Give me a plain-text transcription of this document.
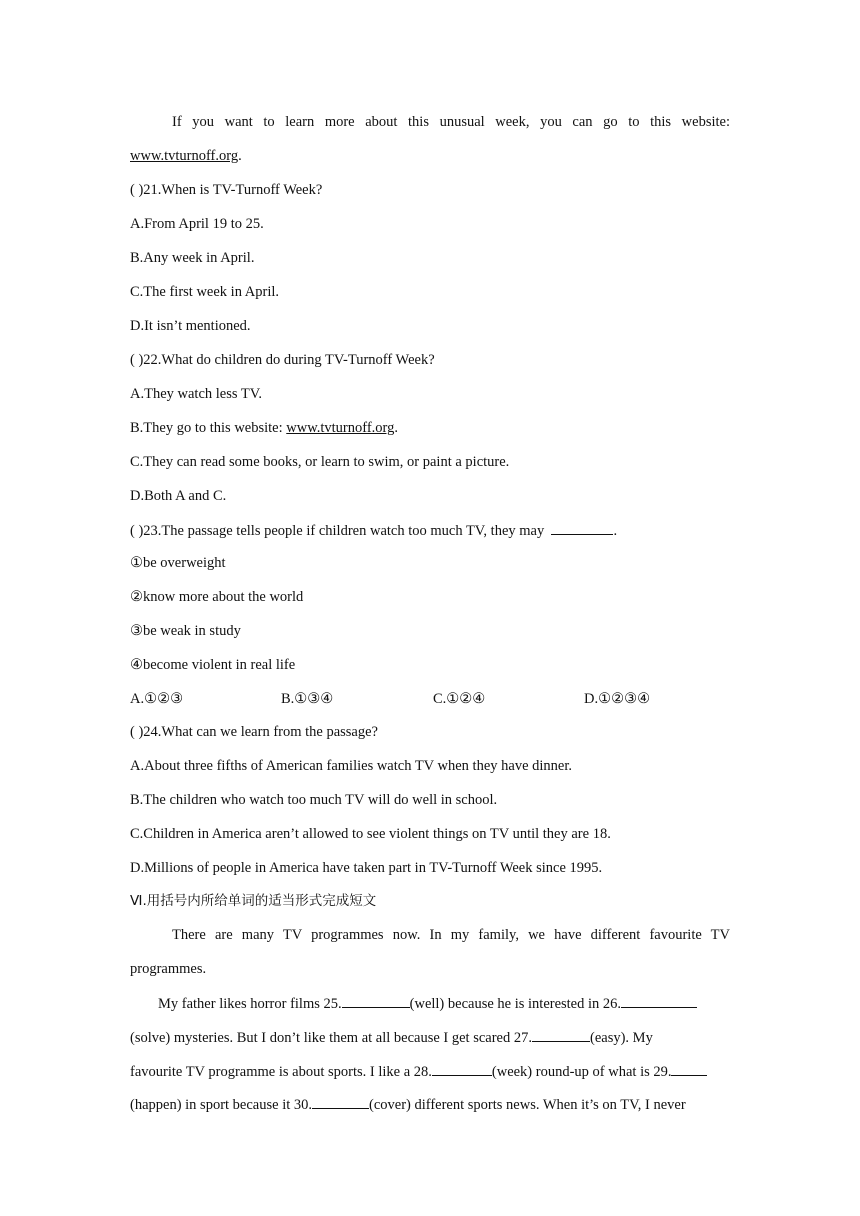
If you want to learn more about this unusual week, you can go to this website:
www.tvturnoff.org.
( )21.When is TV-Turnoff Week?
A.From April 19 to 25.
B.Any week in April.
C.The first week in April.
D.It isn’t mentioned.
( )22.What do children do during TV-Turnoff Week?
A.They watch less TV.
B.They go to this website: www.tvturnoff.org.
C.They can read some books, or learn to swim, or paint a picture.
D.Both A and C.
( )23.The passage tells people if children watch too much TV, they may	.
①be overweight
②know more about the world
③be weak in study
④become violent in real life
A.①②③	B.①③④	C.①②④	D.①②③④
( )24.What can we learn from the passage?
A.About three fifths of American families watch TV when they have dinner.
B.The children who watch too much TV will do well in school.
C.Children in America aren’t allowed to see violent things on TV until they are 18.
D.Millions of people in America have taken part in TV-Turnoff Week since 1995.
Ⅵ.用括号内所给单词的适当形式完成短文
There are many TV programmes now. In my family, we have different favourite TV
programmes.
My father likes horror films 25.	(well) because he is interested in 26.
(solve) mysteries. But I don’t like them at all because I get scared 27.	(easy). My
favourite TV programme is about sports. I like a 28.	(week) round-up of what is 29.
(happen) in sport because it 30.	(cover) different sports news. When it’s on TV, I never
